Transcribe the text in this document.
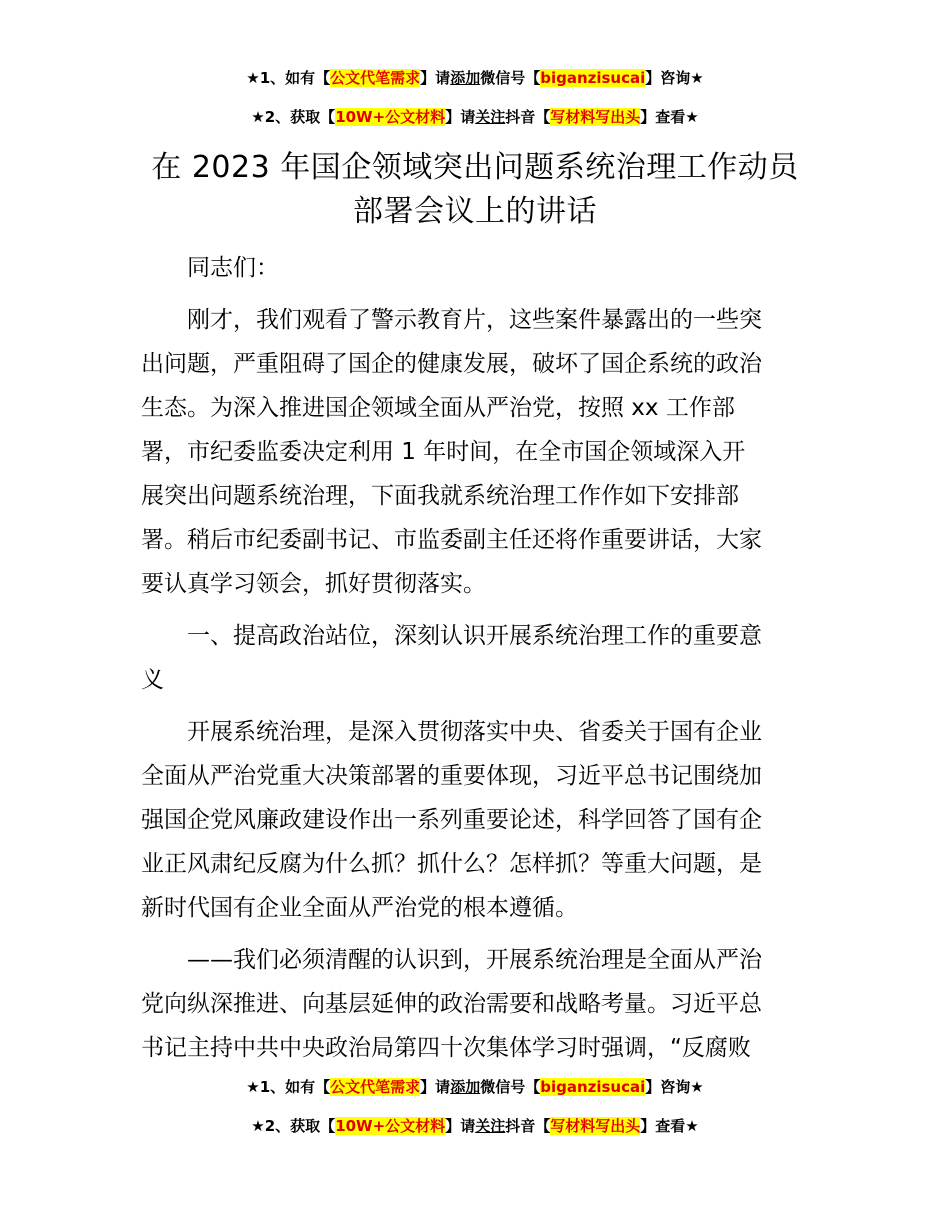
★1、如有【公文代笔需求】请添加微信号【biganzisucai】咨询★
★2、获取【10W+公文材料】请关注抖音【写材料写出头】查看★
在 2023 年国企领域突出问题系统治理工作动员
部署会议上的讲话
同志们：
刚才，我们观看了警示教育片，这些案件暴露出的一些突
出问题，严重阻碍了国企的健康发展，破坏了国企系统的政治
生态。为深入推进国企领域全面从严治党，按照 xx 工作部
署，市纪委监委决定利用 1 年时间，在全市国企领域深入开
展突出问题系统治理，下面我就系统治理工作作如下安排部
署。稍后市纪委副书记、市监委副主任还将作重要讲话，大家
要认真学习领会，抓好贯彻落实。
一、提高政治站位，深刻认识开展系统治理工作的重要意
义
开展系统治理，是深入贯彻落实中央、省委关于国有企业
全面从严治党重大决策部署的重要体现，习近平总书记围绕加
强国企党风廉政建设作出一系列重要论述，科学回答了国有企
业正风肃纪反腐为什么抓？抓什么？怎样抓？等重大问题，是
新时代国有企业全面从严治党的根本遵循。
——我们必须清醒的认识到，开展系统治理是全面从严治
党向纵深推进、向基层延伸的政治需要和战略考量。习近平总
书记主持中共中央政治局第四十次集体学习时强调，“反腐败
★1、如有【公文代笔需求】请添加微信号【biganzisucai】咨询★
★2、获取【10W+公文材料】请关注抖音【写材料写出头】查看★
